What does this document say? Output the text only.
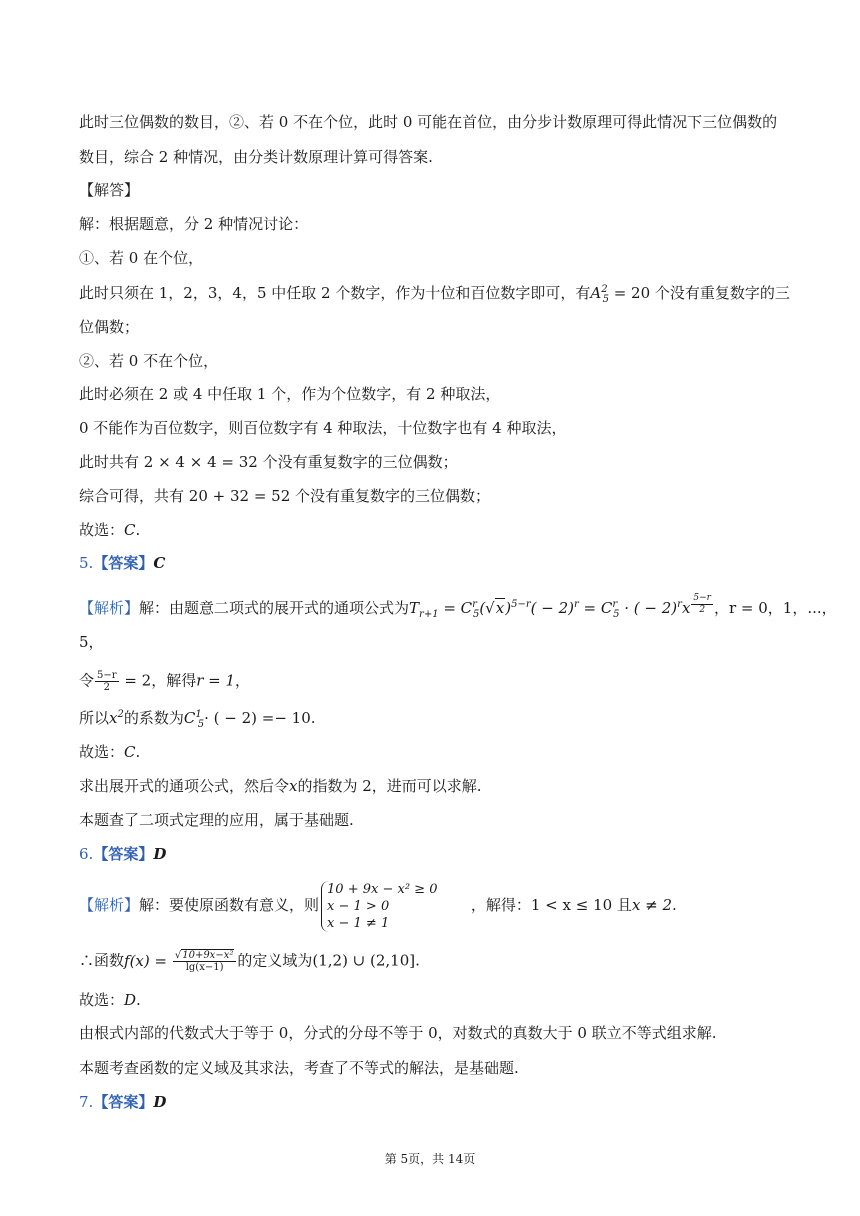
此时三位偶数的数目，②、若 0 不在个位，此时 0 可能在首位，由分步计数原理可得此情况下三位偶数的
数目，综合 2 种情况，由分类计数原理计算可得答案.
【解答】
解：根据题意，分 2 种情况讨论：
①、若 0 在个位，
此时只须在 1，2，3，4，5 中任取 2 个数字，作为十位和百位数字即可，有$A^2_5 = 20$ 个没有重复数字的三
位偶数；
②、若 0 不在个位，
此时必须在 2 或 4 中任取 1 个，作为个位数字，有 2 种取法，
0 不能作为百位数字，则百位数字有 4 种取法，十位数字也有 4 种取法，
此时共有 2 × 4 × 4 = 32 个没有重复数字的三位偶数；
综合可得，共有 20 + 32 = 52 个没有重复数字的三位偶数；
故选：C.
5.【答案】C
【解析】解：由题意二项式的展开式的通项公式为$T_{r+1} = C^r_5(√x)^{5-r}( - 2)^r = C^r_5$ · ( − 2)$^r$x $^{\frac{5-r}{2}}$ ，r = 0，1，...，
5，
令 $\frac{5-r}{2} = 2$，解得r = 1，
所以$x^2$的系数为$C^1_5\cdot$ ( − 2) =− 10.
故选：C.
求出展开式的通项公式，然后令x的指数为 2，进而可以求解.
本题查了二项式定理的应用，属于基础题.
6.【答案】D
【解析】解：要使原函数有意义，则
10 + 9x − x² ≥ 0
x − 1 > 0
x − 1 ≠ 1
，解得：1 < x ≤ 10 且x ≠ 2.
∴函数$f(x) = \frac{\text{√10+9x−x²}}{\lg(x-1)}$ 的定义域为(1,2) ∪ (2,10].
故选：D.
由根式内部的代数式大于等于 0，分式的分母不等于 0，对数式的真数大于 0 联立不等式组求解.
本题考查函数的定义域及其求法，考查了不等式的解法，是基础题.
7.【答案】D
第 5页，共 14页
